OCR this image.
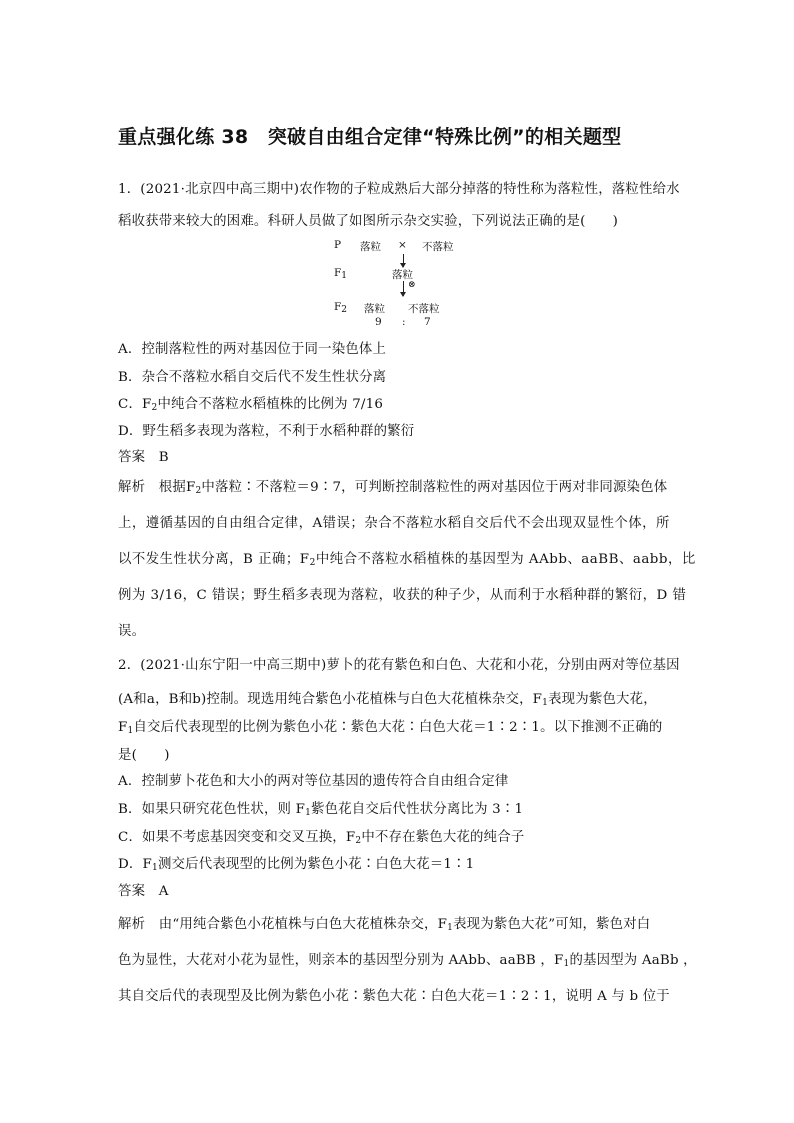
重点强化练 38　突破自由组合定律“特殊比例”的相关题型
1．(2021·北京四中高三期中)农作物的子粒成熟后大部分掉落的特性称为落粒性，落粒性给水
稻收获带来较大的困难。科研人员做了如图所示杂交实验，下列说法正确的是(　　)
P 落粒 × 不落粒
$F_1$	落粒
⊗
$F_2$ 落粒 不落粒
9 : 7
A．控制落粒性的两对基因位于同一染色体上
B．杂合不落粒水稻自交后代不发生性状分离
C．$F_2$中纯合不落粒水稻植株的比例为 7/16
D．野生稻多表现为落粒，不利于水稻种群的繁衍
答案　 B
解析　 根据$F_2$中落粒∶不落粒＝9∶7，可判断控制落粒性的两对基因位于两对非同源染色体
上，遵循基因的自由组合定律，A错误；杂合不落粒水稻自交后代不会出现双显性个体，所
以不发生性状分离，B 正确；$F_2$中纯合不落粒水稻植株的基因型为 AAbb、aaBB、aabb，比
例为 3/16，C 错误；野生稻多表现为落粒，收获的种子少，从而利于水稻种群的繁衍，D 错
误。
2．(2021·山东宁阳一中高三期中)萝卜的花有紫色和白色、大花和小花，分别由两对等位基因
(A和a，B和b)控制。现选用纯合紫色小花植株与白色大花植株杂交，$F_1$表现为紫色大花，
$F_1$自交后代表现型的比例为紫色小花∶紫色大花∶白色大花＝1∶2∶1。以下推测不正确的
是(　　)
A．控制萝卜花色和大小的两对等位基因的遗传符合自由组合定律
B．如果只研究花色性状，则 $F_1$紫色花自交后代性状分离比为 3∶1
C．如果不考虑基因突变和交叉互换，$F_2$中不存在紫色大花的纯合子
D．$F_1$测交后代表现型的比例为紫色小花∶白色大花＝1∶1
答案　 A
解析　 由“用纯合紫色小花植株与白色大花植株杂交，$F_1$表现为紫色大花”可知，紫色对白
色为显性，大花对小花为显性，则亲本的基因型分别为 AAbb、aaBB ，$F_1$的基因型为 AaBb ，
其自交后代的表现型及比例为紫色小花∶紫色大花∶白色大花＝1∶2∶1，说明 A 与 b 位于
